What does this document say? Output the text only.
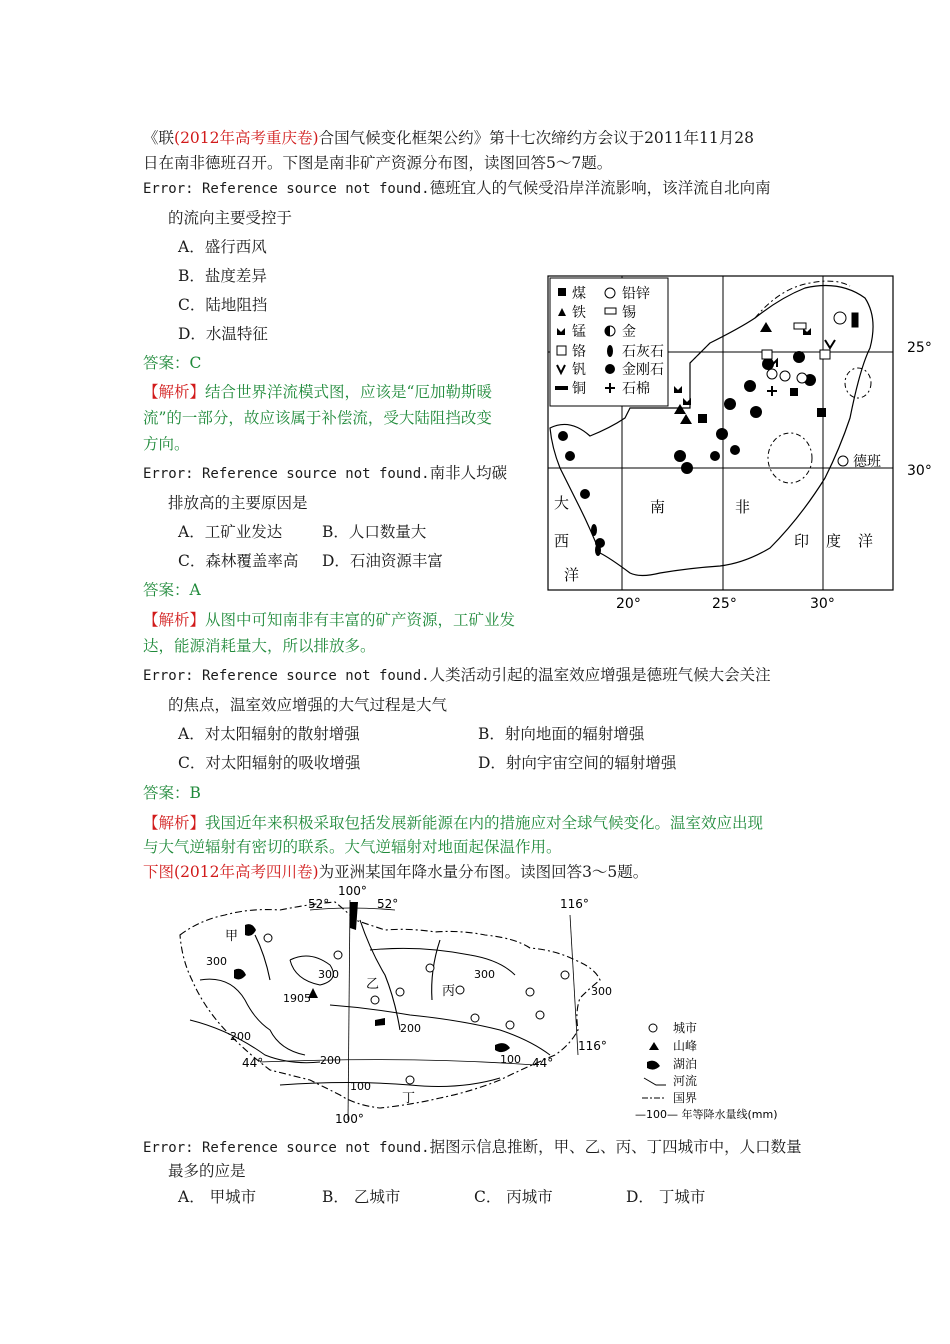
《联(2012年高考重庆卷)合国气候变化框架公约》第十七次缔约方会议于2011年11月28
日在南非德班召开。下图是南非矿产资源分布图，读图回答5～7题。
Error: Reference source not found.德班宜人的气候受沿岸洋流影响，该洋流自北向南
的流向主要受控于
A．盛行西风
B．盐度差异
C．陆地阻挡
D．水温特征
答案：C
【解析】结合世界洋流模式图，应该是“厄加勒斯暖
流”的一部分，故应该属于补偿流，受大陆阻挡改变
方向。
Error: Reference source not found.南非人均碳
排放高的主要原因是
A．工矿业发达	B．人口数量大
C．森林覆盖率高 D．石油资源丰富
答案：A
【解析】从图中可知南非有丰富的矿产资源，工矿业发
达，能源消耗量大，所以排放多。
Error: Reference source not found.人类活动引起的温室效应增强是德班气候大会关注
的焦点，温室效应增强的大气过程是大气
A．对太阳辐射的散射增强	B．射向地面的辐射增强
C．对太阳辐射的吸收增强	D．射向宇宙空间的辐射增强
答案：B
【解析】我国近年来积极采取包括发展新能源在内的措施应对全球气候变化。温室效应出现
与大气逆辐射有密切的联系。大气逆辐射对地面起保温作用。
下图(2012年高考四川卷)为亚洲某国年降水量分布图。读图回答3～5题。
Error: Reference source not found.据图示信息推断，甲、乙、丙、丁四城市中，人口数量
最多的应是
A． 甲城市	B． 乙城市	C． 丙城市	D． 丁城市
煤	铅锌
铁	锡
锰	金
铬	石灰石
钒	金刚石
铜	石棉
25°
30°
20°	25°	30°
德班
大
西
洋
南	非
印 度 洋
100°
52°	52°	116°
116°
44°	44°
100°
1905
300
300	300
300
200
200
200	100
100
甲
乙	丙
丁
城市
山峰
湖泊
河流
国界
—100— 年等降水量线(mm)
